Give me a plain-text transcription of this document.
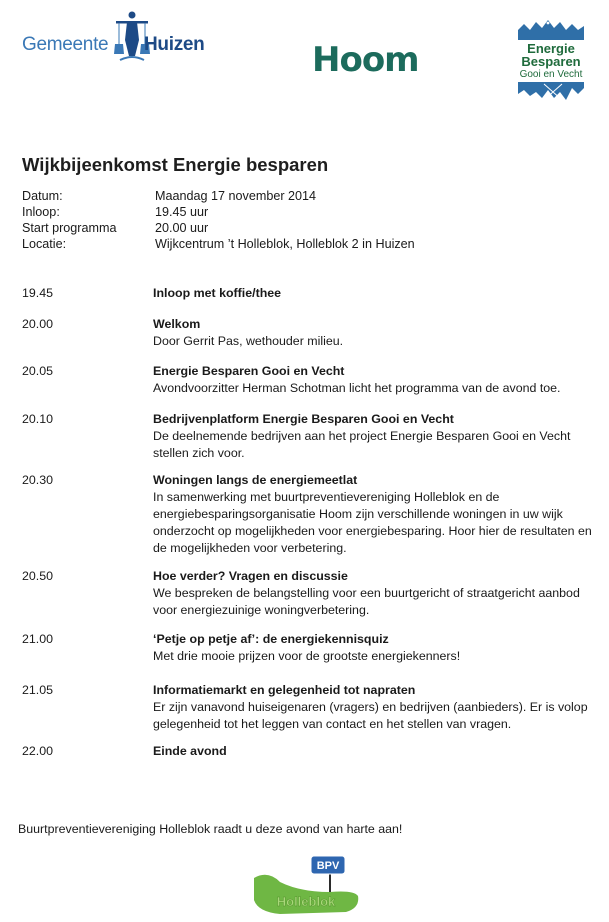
Gemeente Huizen	Hoom	Energie
Besparen
Gooi en Vecht
Wijkbijeenkomst Energie besparen
Datum:	Maandag 17 november 2014
Inloop:	19.45 uur
Start programma	20.00 uur
Locatie:	Wijkcentrum ’t Holleblok, Holleblok 2 in Huizen
19.45	Inloop met koffie/thee
20.00	Welkom
Door Gerrit Pas, wethouder milieu.
20.05	Energie Besparen Gooi en Vecht
Avondvoorzitter Herman Schotman licht het programma van de avond toe.
20.10	Bedrijvenplatform Energie Besparen Gooi en Vecht
De deelnemende bedrijven aan het project Energie Besparen Gooi en Vecht stellen zich voor.
20.30	Woningen langs de energiemeetlat
In samenwerking met buurtpreventievereniging Holleblok en de energiebesparingsorganisatie Hoom zijn verschillende woningen in uw wijk onderzocht op mogelijkheden voor energiebesparing. Hoor hier de resultaten en de mogelijkheden voor verbetering.
20.50	Hoe verder? Vragen en discussie
We bespreken de belangstelling voor een buurtgericht of straatgericht aanbod voor energiezuinige woningverbetering.
21.00	‘Petje op petje af’: de energiekennisquiz
Met drie mooie prijzen voor de grootste energiekenners!
21.05	Informatiemarkt en gelegenheid tot napraten
Er zijn vanavond huiseigenaren (vragers) en bedrijven (aanbieders). Er is volop gelegenheid tot het leggen van contact en het stellen van vragen.
22.00	Einde avond
Buurtpreventievereniging Holleblok raadt u deze avond van harte aan!
BPV
Holleblok
